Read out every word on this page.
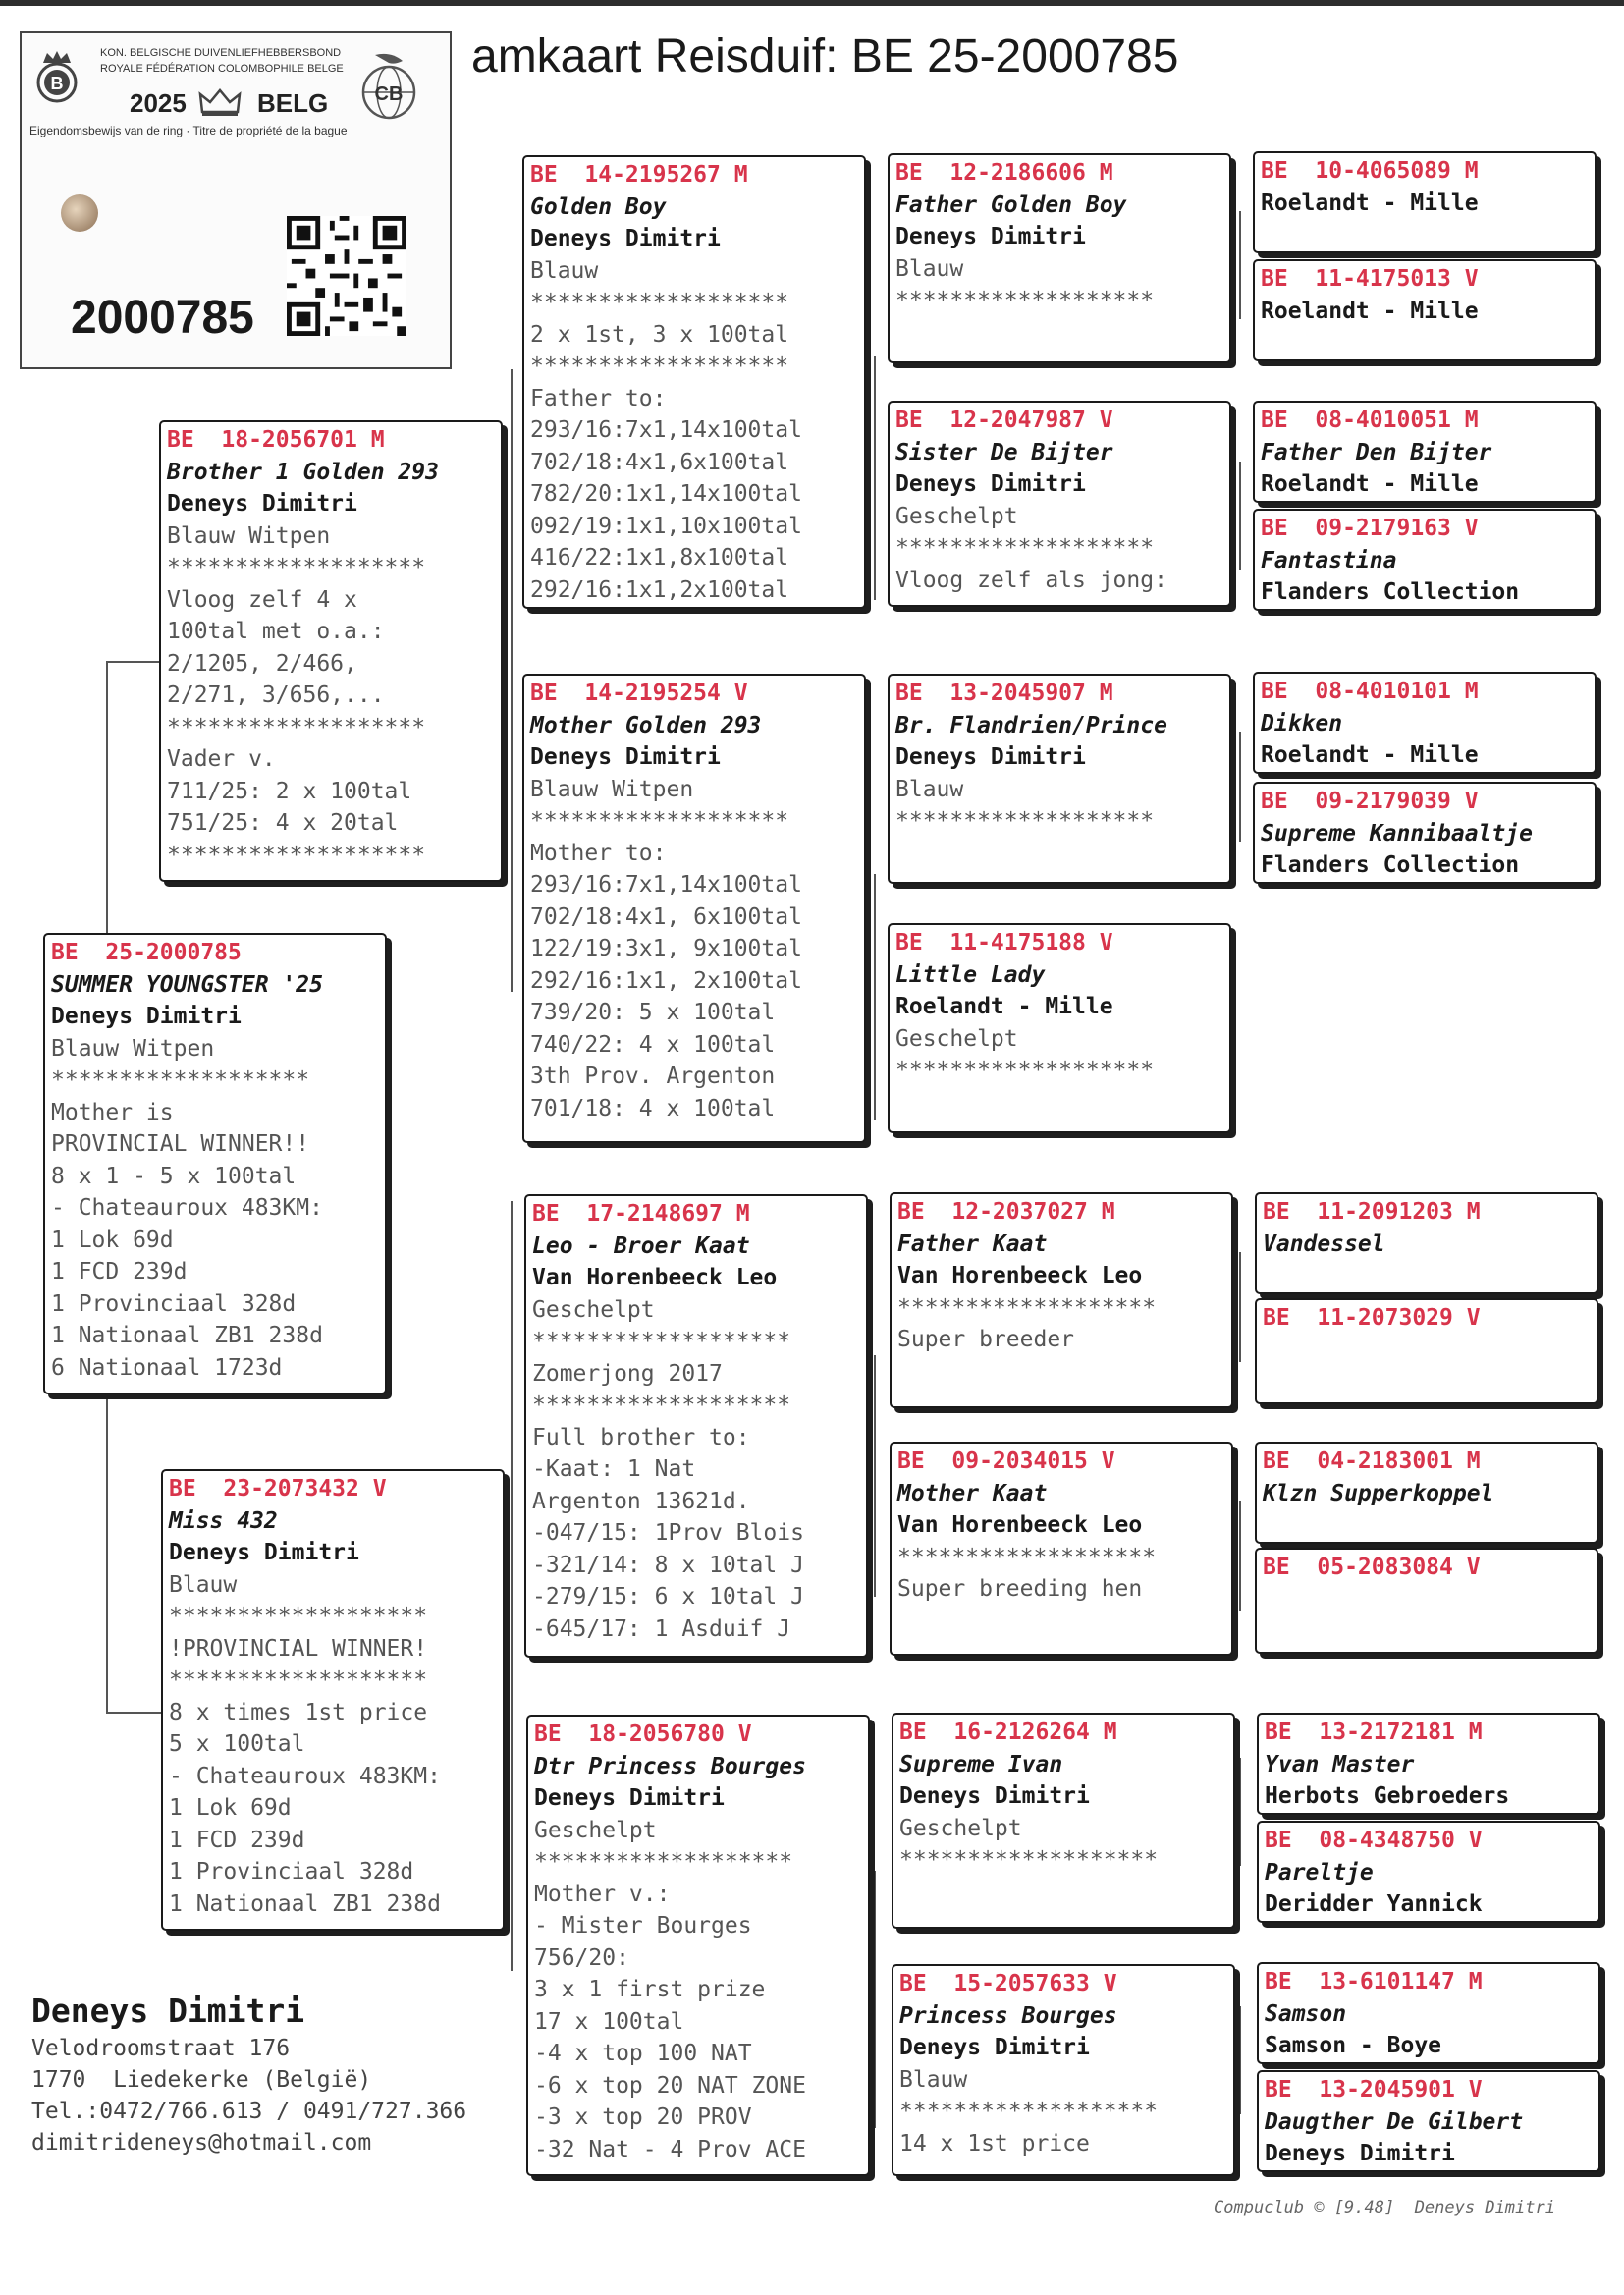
amkaart Reisduif: BE 25-2000785
B
KON. BELGISCHE DUIVENLIEFHEBBERSBOND
ROYALE FÉDÉRATION COLOMBOPHILE BELGE
2025	BELG CB
Eigendomsbewijs van de ring · Titre de propriété de la bague
2000785
BE  25-2000785
SUMMER YOUNGSTER '25
Deneys Dimitri
Blauw Witpen
*******************
Mother is
PROVINCIAL WINNER!!
8 x 1 - 5 x 100tal
- Chateauroux 483KM:
1 Lok 69d
1 FCD 239d
1 Provinciaal 328d
1 Nationaal ZB1 238d
6 Nationaal 1723d
BE  18-2056701 M
Brother 1 Golden 293
Deneys Dimitri
Blauw Witpen
*******************
Vloog zelf 4 x
100tal met o.a.:
2/1205, 2/466,
2/271, 3/656,...
*******************
Vader v.
711/25: 2 x 100tal
751/25: 4 x 20tal
*******************
BE  23-2073432 V
Miss 432
Deneys Dimitri
Blauw
*******************
!PROVINCIAL WINNER!
*******************
8 x times 1st price
5 x 100tal
- Chateauroux 483KM:
1 Lok 69d
1 FCD 239d
1 Provinciaal 328d
1 Nationaal ZB1 238d
BE  14-2195267 M
Golden Boy
Deneys Dimitri
Blauw
*******************
2 x 1st, 3 x 100tal
*******************
Father to:
293/16:7x1,14x100tal
702/18:4x1,6x100tal
782/20:1x1,14x100tal
092/19:1x1,10x100tal
416/22:1x1,8x100tal
292/16:1x1,2x100tal
BE  14-2195254 V
Mother Golden 293
Deneys Dimitri
Blauw Witpen
*******************
Mother to:
293/16:7x1,14x100tal
702/18:4x1, 6x100tal
122/19:3x1, 9x100tal
292/16:1x1, 2x100tal
739/20: 5 x 100tal
740/22: 4 x 100tal
3th Prov. Argenton
701/18: 4 x 100tal
BE  17-2148697 M
Leo - Broer Kaat
Van Horenbeeck Leo
Geschelpt
*******************
Zomerjong 2017
*******************
Full brother to:
-Kaat: 1 Nat
Argenton 13621d.
-047/15: 1Prov Blois
-321/14: 8 x 10tal J
-279/15: 6 x 10tal J
-645/17: 1 Asduif J
BE  18-2056780 V
Dtr Princess Bourges
Deneys Dimitri
Geschelpt
*******************
Mother v.:
- Mister Bourges
756/20:
3 x 1 first prize
17 x 100tal
-4 x top 100 NAT
-6 x top 20 NAT ZONE
-3 x top 20 PROV
-32 Nat - 4 Prov ACE
BE  12-2186606 M
Father Golden Boy
Deneys Dimitri
Blauw
*******************
BE  12-2047987 V
Sister De Bijter
Deneys Dimitri
Geschelpt
*******************
Vloog zelf als jong:
BE  13-2045907 M
Br. Flandrien/Prince
Deneys Dimitri
Blauw
*******************
BE  11-4175188 V
Little Lady
Roelandt - Mille
Geschelpt
*******************
BE  12-2037027 M
Father Kaat
Van Horenbeeck Leo
*******************
Super breeder
BE  09-2034015 V
Mother Kaat
Van Horenbeeck Leo
*******************
Super breeding hen
BE  16-2126264 M
Supreme Ivan
Deneys Dimitri
Geschelpt
*******************
BE  15-2057633 V
Princess Bourges
Deneys Dimitri
Blauw
*******************
14 x 1st price
BE  10-4065089 M
Roelandt - Mille
BE  11-4175013 V
Roelandt - Mille
BE  08-4010051 M
Father Den Bijter
Roelandt - Mille
BE  09-2179163 V
Fantastina
Flanders Collection
BE  08-4010101 M
Dikken
Roelandt - Mille
BE  09-2179039 V
Supreme Kannibaaltje
Flanders Collection
BE  11-2091203 M
Vandessel
BE  11-2073029 V
BE  04-2183001 M
Klzn Supperkoppel
BE  05-2083084 V
BE  13-2172181 M
Yvan Master
Herbots Gebroeders
BE  08-4348750 V
Pareltje
Deridder Yannick
BE  13-6101147 M
Samson
Samson - Boye
BE  13-2045901 V
Daugther De Gilbert
Deneys Dimitri
Deneys Dimitri
Velodroomstraat 176
1770  Liedekerke (België)
Tel.:0472/766.613 / 0491/727.366
dimitrideneys@hotmail.com
Compuclub © [9.48]  Deneys Dimitri
